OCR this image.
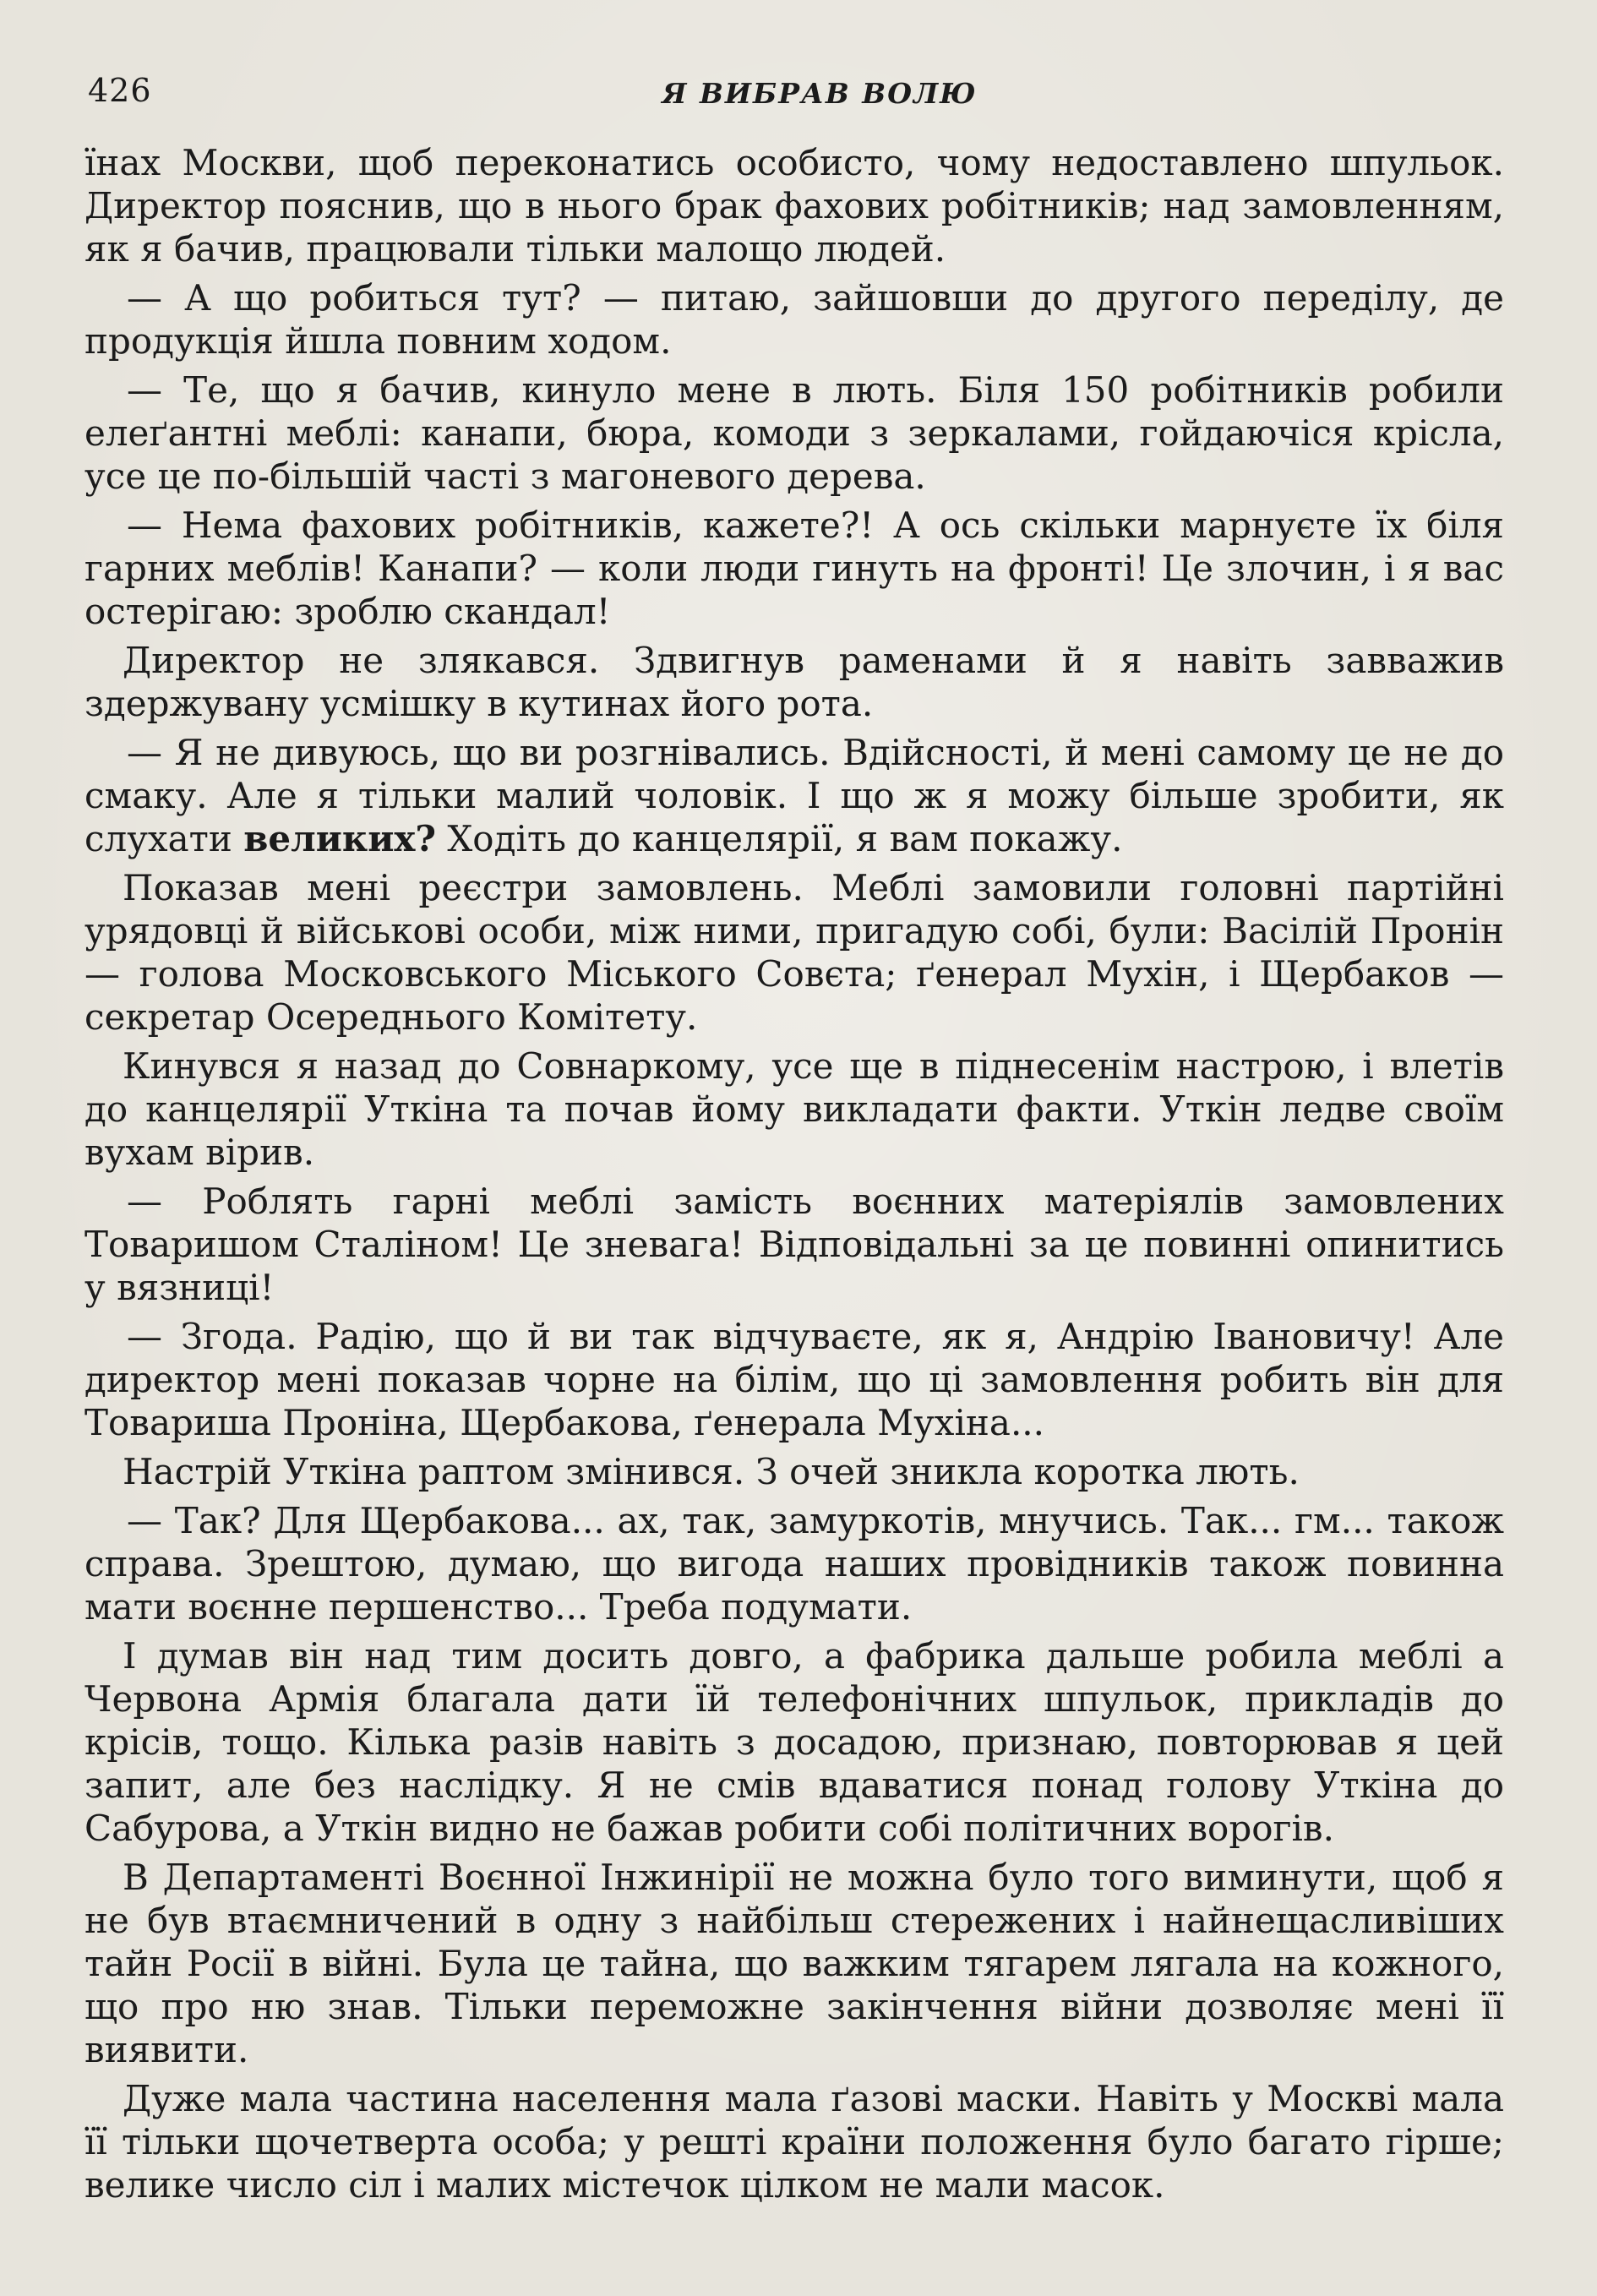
426	Я ВИБРАВ ВОЛЮ

їнах Москви, щоб переконатись особисто, чому недоставлено шпульок. Директор пояснив, що в нього брак фахових робітників; над замовленням, як я бачив, працювали тільки малощо людей.

— А що робиться тут? — питаю, зайшовши до другого переділу, де продукція йшла повним ходом.

— Те, що я бачив, кинуло мене в лють. Біля 150 робітників робили елеґантні меблі: канапи, бюра, комоди з зеркалами, гойдаючіся крісла, усе це по-більшій часті з магоневого дерева.

— Нема фахових робітників, кажете?! А ось скільки марнуєте їх біля гарних меблів! Канапи? — коли люди гинуть на фронті! Це злочин, і я вас остерігаю: зроблю скандал!

Директор не злякався. Здвигнув раменами й я навіть завважив здержувану усмішку в кутинах його рота.

— Я не дивуюсь, що ви розгнівались. Вдійсності, й мені самому це не до смаку. Але я тільки малий чоловік. І що ж я можу більше зробити, як слухати великих? Ходіть до канцелярії, я вам покажу.

Показав мені реєстри замовлень. Меблі замовили головні партійні урядовці й військові особи, між ними, пригадую собі, були: Васілій Пронін — голова Московського Міського Совєта; ґенерал Мухін, і Щербаков — секретар Осереднього Комітету.

Кинувся я назад до Совнаркому, усе ще в піднесенім настрою, і влетів до канцелярії Уткіна та почав йому викладати факти. Уткін ледве своїм вухам вірив.

— Роблять гарні меблі замість воєнних матеріялів замовлених Товаришом Сталіном! Це зневага! Відповідальні за це повинні опинитись у вязниці!

— Згода. Радію, що й ви так відчуваєте, як я, Андрію Івановичу! Але директор мені показав чорне на білім, що ці замовлення робить він для Товариша Проніна, Щербакова, ґенерала Мухіна...

Настрій Уткіна раптом змінився. З очей зникла коротка лють.

— Так? Для Щербакова... ах, так, замуркотів, мнучись. Так... гм... також справа. Зрештою, думаю, що вигода наших провідників також повинна мати воєнне першенство... Треба подумати.

І думав він над тим досить довго, а фабрика дальше робила меблі а Червона Армія благала дати їй телефонічних шпульок, прикладів до крісів, тощо. Кілька разів навіть з досадою, признаю, повторював я цей запит, але без наслідку. Я не смів вдаватися понад голову Уткіна до Сабурова, а Уткін видно не бажав робити собі політичних ворогів.

В Департаменті Воєнної Інжинірії не можна було того виминути, щоб я не був втаємничений в одну з найбільш стережених і найнещасливіших тайн Росії в війні. Була це тайна, що важким тягарем лягала на кожного, що про ню знав. Тільки переможне закінчення війни дозволяє мені її виявити.

Дуже мала частина населення мала ґазові маски. Навіть у Москві мала її тільки щочетверта особа; у решті країни положення було багато гірше; велике число сіл і малих містечок цілком не мали масок.
